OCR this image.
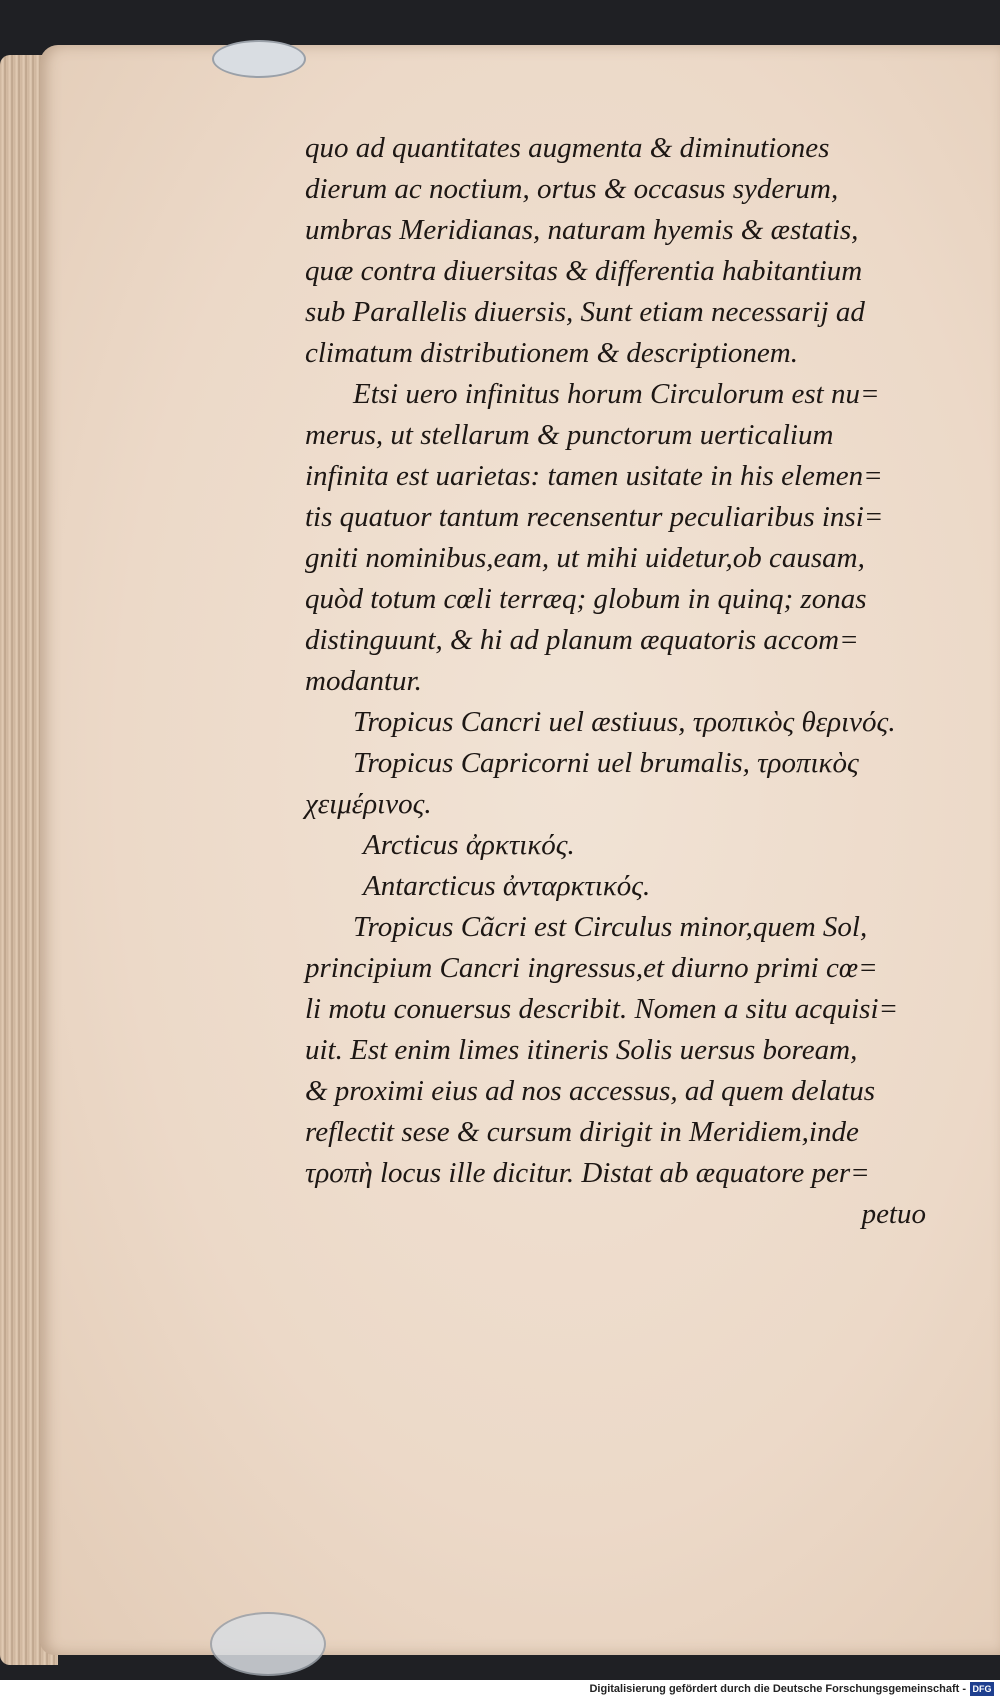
quo ad quantitates augmenta & diminutiones
dierum ac noctium, ortus & occasus syderum,
umbras Meridianas, naturam hyemis & æstatis,
quæ contra diuersitas & differentia habitantium
sub Parallelis diuersis, Sunt etiam necessarij ad
climatum distributionem & descriptionem.
Etsi uero infinitus horum Circulorum est nu=
merus, ut stellarum & punctorum uerticalium
infinita est uarietas: tamen usitate in his elemen=
tis quatuor tantum recensentur peculiaribus insi=
gniti nominibus,eam, ut mihi uidetur,ob causam,
quòd totum cœli terræq; globum in quinq; zonas
distinguunt, & hi ad planum æquatoris accom=
modantur.
Tropicus Cancri uel æstiuus, τροπικὸς θερινός.
Tropicus Capricorni uel brumalis, τροπικὸς
χειμέρινος.
Arcticus ἀρκτικός.
Antarcticus ἀνταρκτικός.
Tropicus Cãcri est Circulus minor,quem Sol,
principium Cancri ingressus,et diurno primi cœ=
li motu conuersus describit. Nomen a situ acquisi=
uit. Est enim limes itineris Solis uersus boream,
& proximi eius ad nos accessus, ad quem delatus
reflectit sese & cursum dirigit in Meridiem,inde
τροπὴ locus ille dicitur. Distat ab æquatore per=
petuo
Digitalisierung gefördert durch die Deutsche Forschungsgemeinschaft - DFG
